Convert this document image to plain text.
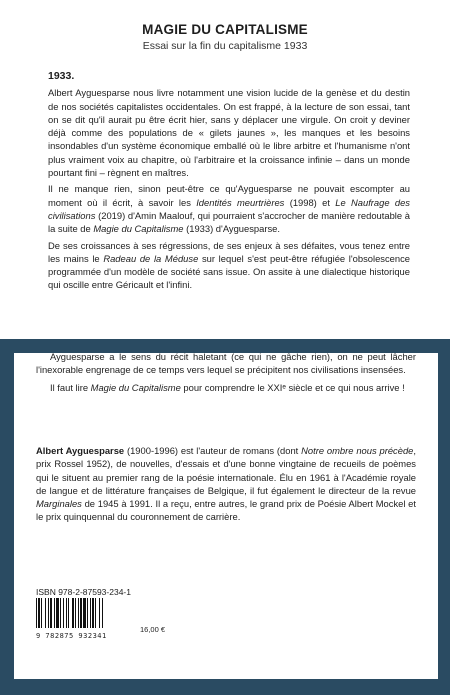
MAGIE DU CAPITALISME
Essai sur la fin du capitalisme 1933

1933.

Albert Ayguesparse nous livre notamment une vision lucide de la genèse et du destin de nos sociétés capitalistes occidentales. On est frappé, à la lecture de son essai, tant on se dit qu'il aurait pu être écrit hier, sans y déplacer une virgule. On croit y deviner déjà comme des populations de « gilets jaunes », les manques et les besoins insondables d'un système économique emballé où le libre arbitre et l'humanisme n'ont plus vraiment voix au chapitre, où l'arbitraire et la croissance infinie – dans un monde pourtant fini – règnent en maîtres.

Il ne manque rien, sinon peut-être ce qu'Ayguesparse ne pouvait escompter au moment où il écrit, à savoir les Identités meurtrières (1998) et Le Naufrage des civilisations (2019) d'Amin Maalouf, qui pourraient s'accrocher de manière redoutable à la suite de Magie du Capitalisme (1933) d'Ayguesparse.

De ses croissances à ses régressions, de ses enjeux à ses défaites, vous tenez entre les mains le Radeau de la Méduse sur lequel s'est peut-être réfugiée l'obsolescence programmée d'un modèle de société sans issue. On assite à une dialectique historique qui oscille entre Géricault et l'infini.

Ayguesparse a le sens du récit haletant (ce qui ne gâche rien), on ne peut lâcher l'inexorable engrenage de ce temps vers lequel se précipitent nos civilisations insensées.

Il faut lire Magie du Capitalisme pour comprendre le XXIᵉ siècle et ce qui nous arrive !

Albert Ayguesparse (1900-1996) est l'auteur de romans (dont Notre ombre nous précède, prix Rossel 1952), de nouvelles, d'essais et d'une bonne vingtaine de recueils de poèmes qui le situent au premier rang de la poésie internationale. Élu en 1961 à l'Académie royale de langue et de littérature françaises de Belgique, il fut également le directeur de la revue Marginales de 1945 à 1991. Il a reçu, entre autres, le grand prix de Poésie Albert Mockel et le prix quinquennal du couronnement de carrière.

ISBN 978-2-87593-234-1
9 782875 932341
16,00 €
